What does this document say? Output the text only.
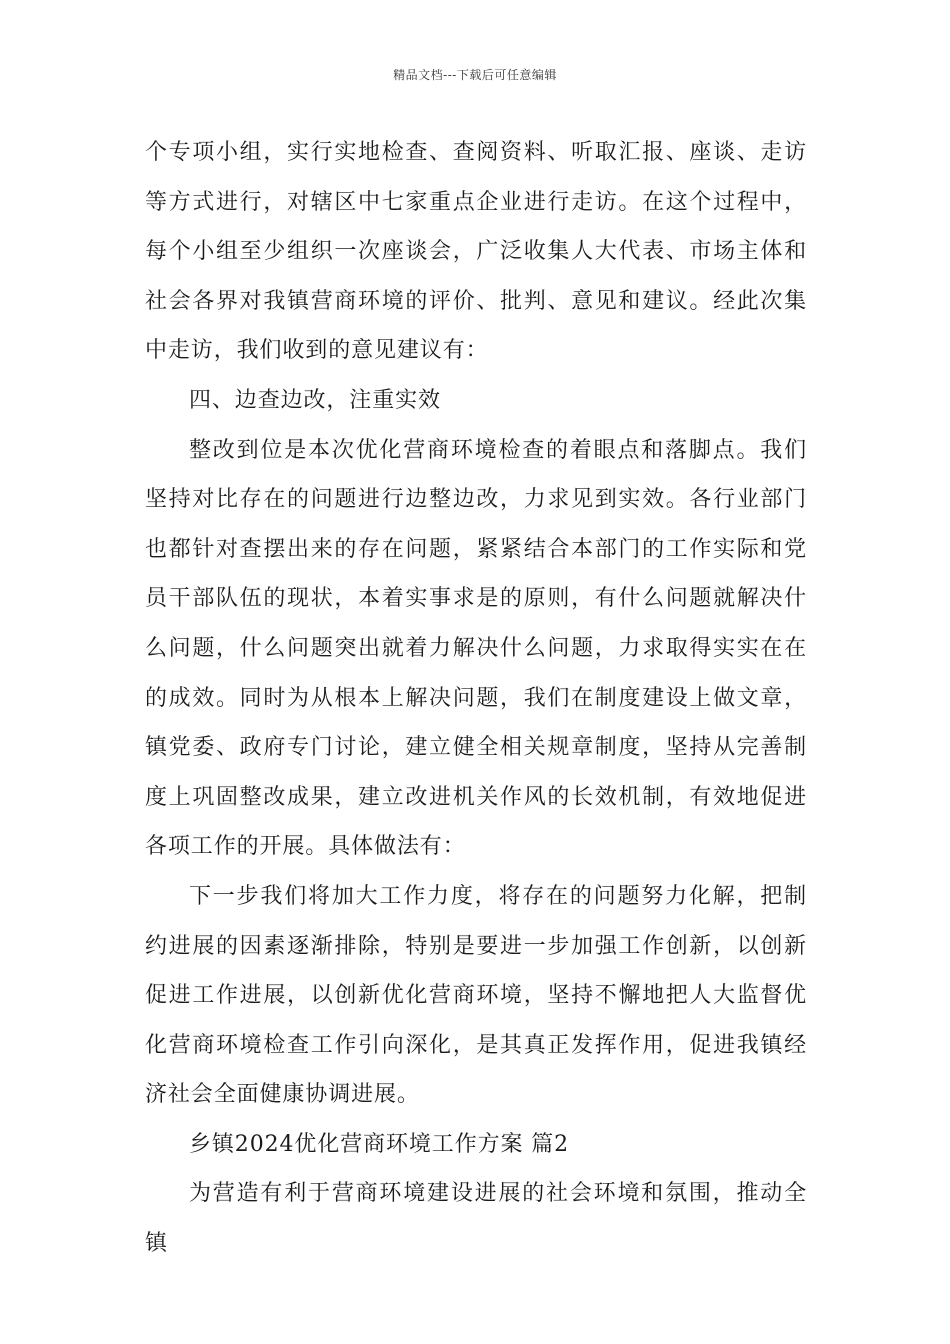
精品文档---下载后可任意编辑

个专项小组，实行实地检查、查阅资料、听取汇报、座谈、走访等方式进行，对辖区中七家重点企业进行走访。在这个过程中，每个小组至少组织一次座谈会，广泛收集人大代表、市场主体和社会各界对我镇营商环境的评价、批判、意见和建议。经此次集中走访，我们收到的意见建议有：

四、边查边改，注重实效

整改到位是本次优化营商环境检查的着眼点和落脚点。我们坚持对比存在的问题进行边整边改，力求见到实效。各行业部门也都针对查摆出来的存在问题，紧紧结合本部门的工作实际和党员干部队伍的现状，本着实事求是的原则，有什么问题就解决什么问题，什么问题突出就着力解决什么问题，力求取得实实在在的成效。同时为从根本上解决问题，我们在制度建设上做文章，镇党委、政府专门讨论，建立健全相关规章制度，坚持从完善制度上巩固整改成果，建立改进机关作风的长效机制，有效地促进各项工作的开展。具体做法有：

下一步我们将加大工作力度，将存在的问题努力化解，把制约进展的因素逐渐排除，特别是要进一步加强工作创新，以创新促进工作进展，以创新优化营商环境，坚持不懈地把人大监督优化营商环境检查工作引向深化，是其真正发挥作用，促进我镇经济社会全面健康协调进展。

乡镇2024优化营商环境工作方案 篇2

为营造有利于营商环境建设进展的社会环境和氛围，推动全镇
